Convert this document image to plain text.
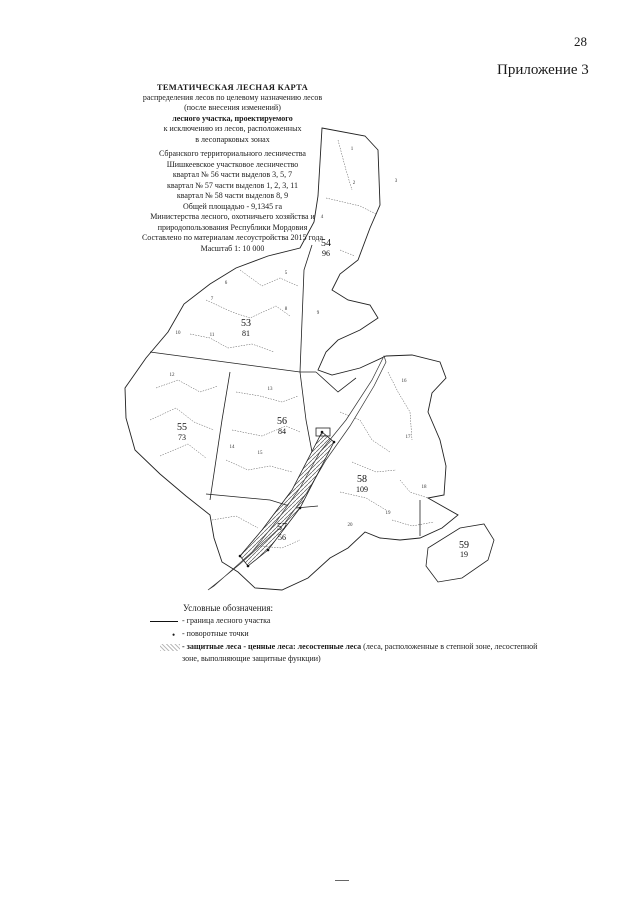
28
Приложение 3
ТЕМАТИЧЕСКАЯ ЛЕСНАЯ КАРТА
распределения лесов по целевому назначению лесов
(после внесения изменений)
лесного участка, проектируемого
к исключению из лесов, расположенных
в лесопарковых зонах
Сбранского территориального лесничества
Шишкеевское участковое лесничество
квартал № 56 части выделов 3, 5, 7
квартал № 57 части выделов 1, 2, 3, 11
квартал № 58 части выделов 8, 9
Общей площадью - 9,1345 га
Министерства лесного, охотничьего хозяйства и
природопользования Республики Мордовия
Составлено по материалам лесоустройства 2015 года
Масштаб 1: 10 000	54
96
53
81
55
73
56
84
57
56
58
109
59
19
1
2	3
4
5
6
7
8
9
10	11
12
13
14
15
16
17
18
19
20
Условные обозначения:
- граница лесного участка
• - поворотные точки
- защитные леса - ценные леса: лесостепные леса (леса, расположенные в степной зоне, лесостепной зоне, выполняющие защитные функции)
